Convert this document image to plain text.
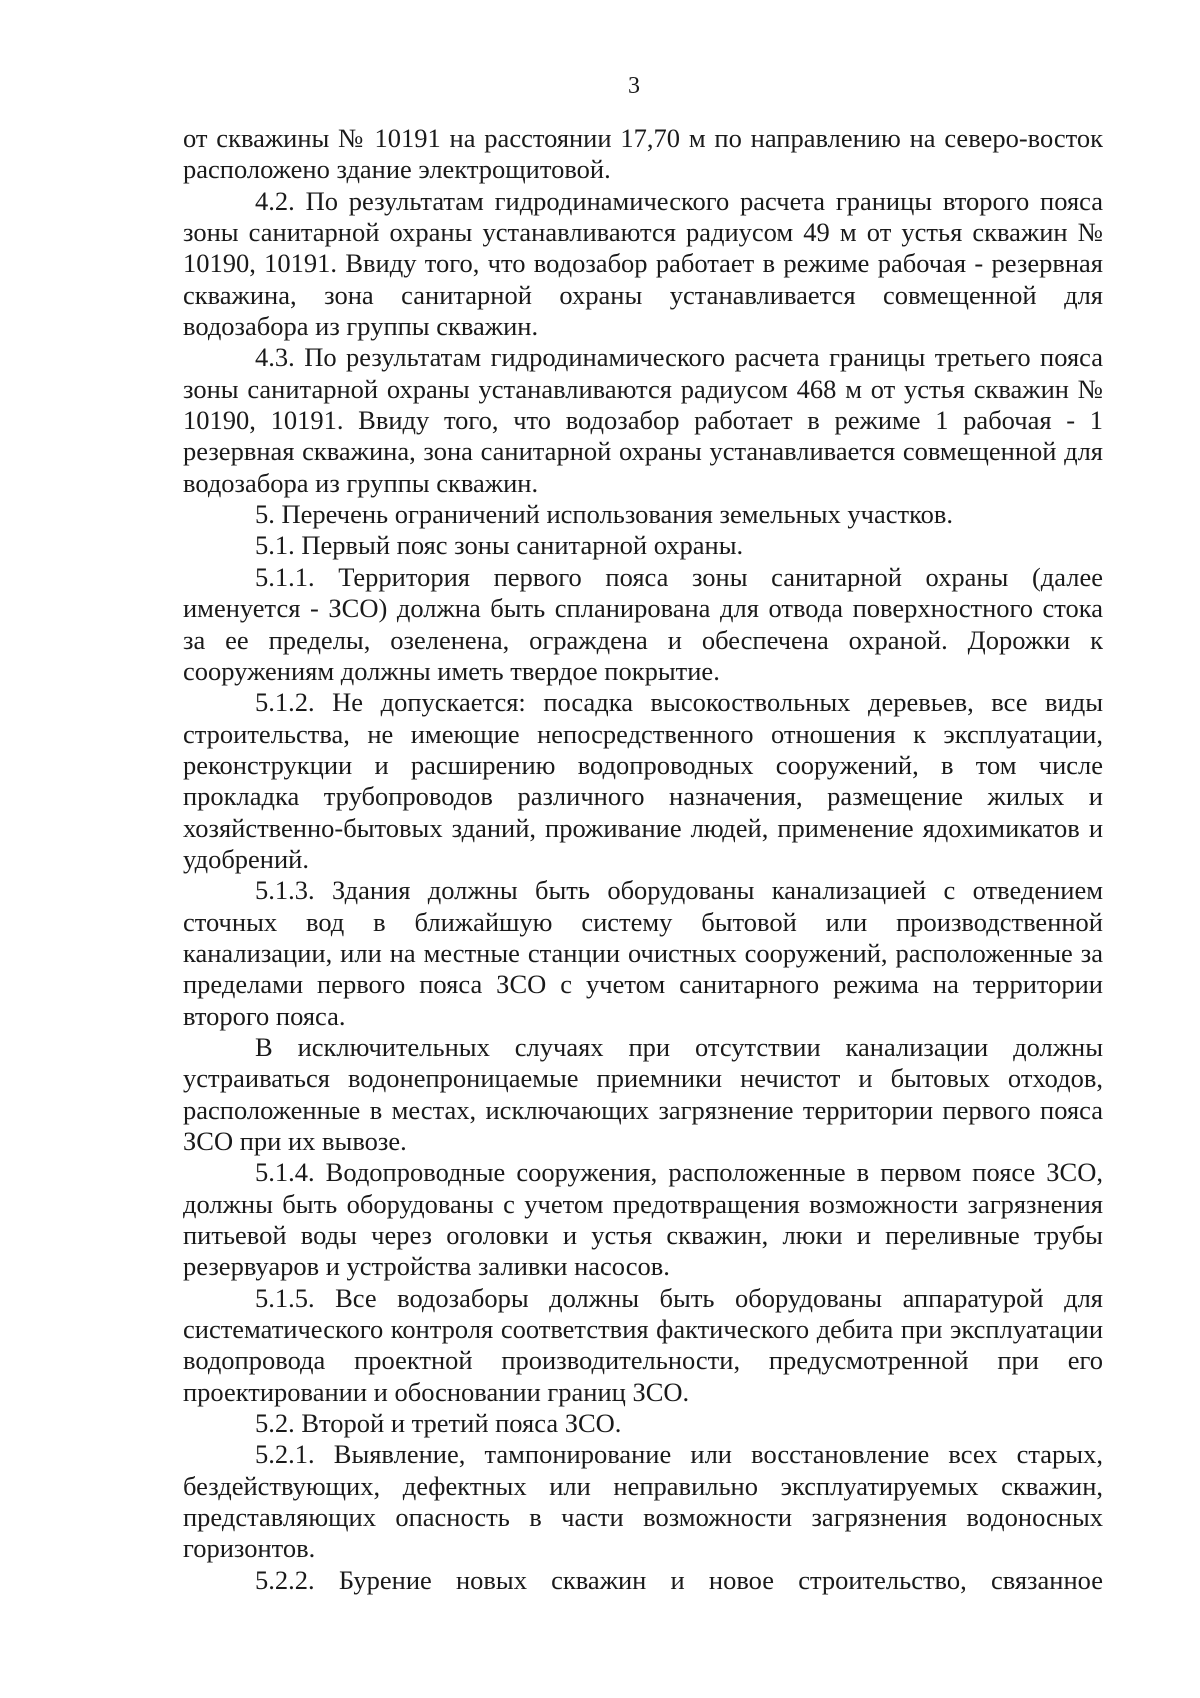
3

от скважины № 10191 на расстоянии 17,70 м по направлению на северо-восток расположено здание электрощитовой.

4.2. По результатам гидродинамического расчета границы второго пояса зоны санитарной охраны устанавливаются радиусом 49 м от устья скважин № 10190, 10191. Ввиду того, что водозабор работает в режиме рабочая - резервная скважина, зона санитарной охраны устанавливается совмещенной для водозабора из группы скважин.

4.3. По результатам гидродинамического расчета границы третьего пояса зоны санитарной охраны устанавливаются радиусом 468 м от устья скважин № 10190, 10191. Ввиду того, что водозабор работает в режиме 1 рабочая - 1 резервная скважина, зона санитарной охраны устанавливается совмещенной для водозабора из группы скважин.

5. Перечень ограничений использования земельных участков.

5.1. Первый пояс зоны санитарной охраны.

5.1.1. Территория первого пояса зоны санитарной охраны (далее именуется - ЗСО) должна быть спланирована для отвода поверхностного стока за ее пределы, озеленена, ограждена и обеспечена охраной. Дорожки к сооружениям должны иметь твердое покрытие.

5.1.2. Не допускается: посадка высокоствольных деревьев, все виды строительства, не имеющие непосредственного отношения к эксплуатации, реконструкции и расширению водопроводных сооружений, в том числе прокладка трубопроводов различного назначения, размещение жилых и хозяйственно-бытовых зданий, проживание людей, применение ядохимикатов и удобрений.

5.1.3. Здания должны быть оборудованы канализацией с отведением сточных вод в ближайшую систему бытовой или производственной канализации, или на местные станции очистных сооружений, расположенные за пределами первого пояса ЗСО с учетом санитарного режима на территории второго пояса.

В исключительных случаях при отсутствии канализации должны устраиваться водонепроницаемые приемники нечистот и бытовых отходов, расположенные в местах, исключающих загрязнение территории первого пояса ЗСО при их вывозе.

5.1.4. Водопроводные сооружения, расположенные в первом поясе ЗСО, должны быть оборудованы с учетом предотвращения возможности загрязнения питьевой воды через оголовки и устья скважин, люки и переливные трубы резервуаров и устройства заливки насосов.

5.1.5. Все водозаборы должны быть оборудованы аппаратурой для систематического контроля соответствия фактического дебита при эксплуатации водопровода проектной производительности, предусмотренной при его проектировании и обосновании границ ЗСО.

5.2. Второй и третий пояса ЗСО.

5.2.1. Выявление, тампонирование или восстановление всех старых, бездействующих, дефектных или неправильно эксплуатируемых скважин, представляющих опасность в части возможности загрязнения водоносных горизонтов.

5.2.2. Бурение новых скважин и новое строительство, связанное
